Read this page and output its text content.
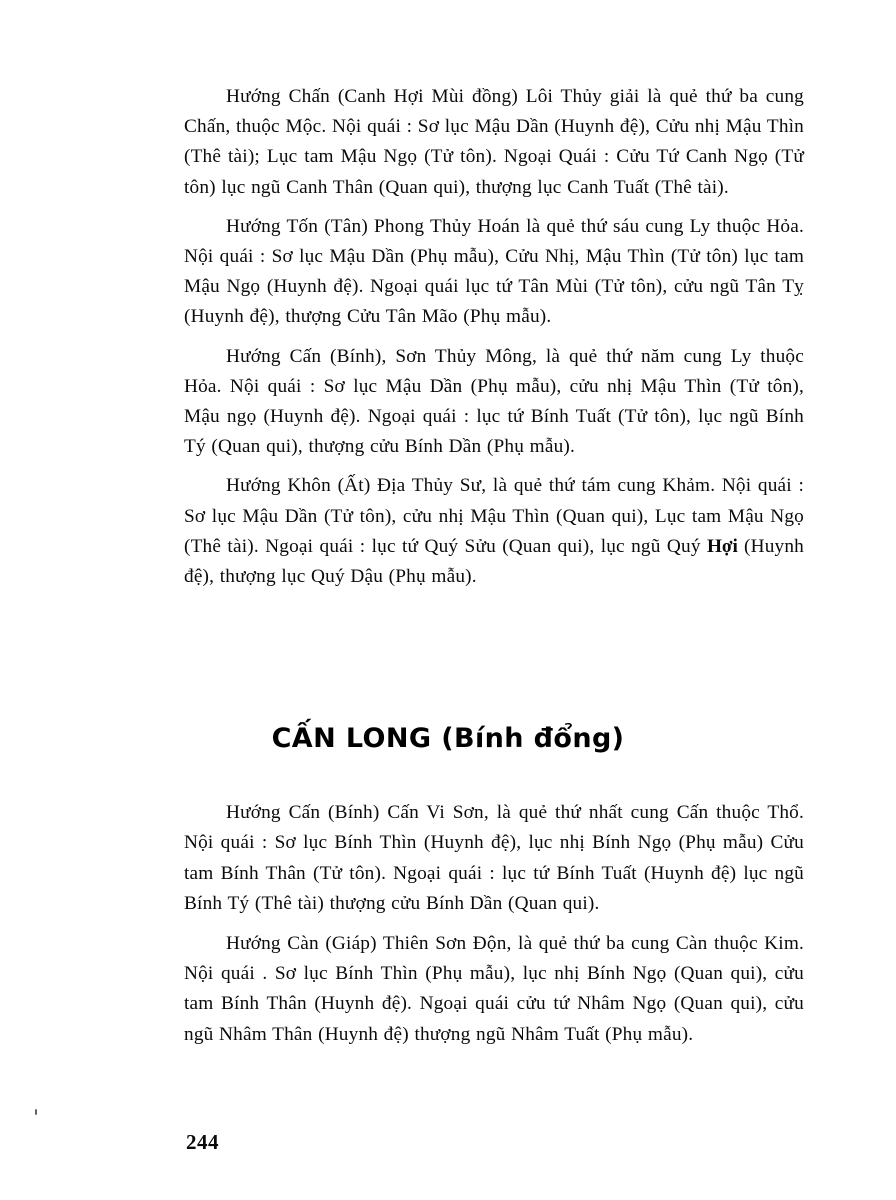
Hướng Chấn (Canh Hợi Mùi đồng) Lôi Thủy giải là quẻ thứ ba cung Chấn, thuộc Mộc. Nội quái : Sơ lục Mậu Dần (Huynh đệ), Cửu nhị Mậu Thìn (Thê tài); Lục tam Mậu Ngọ (Tử tôn). Ngoại Quái : Cửu Tứ Canh Ngọ (Tử tôn) lục ngũ Canh Thân (Quan qui), thượng lục Canh Tuất (Thê tài).

Hướng Tốn (Tân) Phong Thủy Hoán là quẻ thứ sáu cung Ly thuộc Hỏa. Nội quái : Sơ lục Mậu Dần (Phụ mẫu), Cửu Nhị, Mậu Thìn (Tử tôn) lục tam Mậu Ngọ (Huynh đệ). Ngoại quái lục tứ Tân Mùi (Tử tôn), cửu ngũ Tân Tỵ (Huynh đệ), thượng Cửu Tân Mão (Phụ mẫu).

Hướng Cấn (Bính), Sơn Thủy Mông, là quẻ thứ năm cung Ly thuộc Hỏa. Nội quái : Sơ lục Mậu Dần (Phụ mẫu), cửu nhị Mậu Thìn (Tử tôn), Mậu ngọ (Huynh đệ). Ngoại quái : lục tứ Bính Tuất (Tử tôn), lục ngũ Bính Tý (Quan qui), thượng cửu Bính Dần (Phụ mẫu).

Hướng Khôn (Ất) Địa Thủy Sư, là quẻ thứ tám cung Khảm. Nội quái : Sơ lục Mậu Dần (Tử tôn), cửu nhị Mậu Thìn (Quan qui), Lục tam Mậu Ngọ (Thê tài). Ngoại quái : lục tứ Quý Sửu (Quan qui), lục ngũ Quý Hợi (Huynh đệ), thượng lục Quý Dậu (Phụ mẫu).

CẤN LONG (Bính đổng)

Hướng Cấn (Bính) Cấn Vi Sơn, là quẻ thứ nhất cung Cấn thuộc Thổ. Nội quái : Sơ lục Bính Thìn (Huynh đệ), lục nhị Bính Ngọ (Phụ mẫu) Cửu tam Bính Thân (Tử tôn). Ngoại quái : lục tứ Bính Tuất (Huynh đệ) lục ngũ Bính Tý (Thê tài) thượng cửu Bính Dần (Quan qui).

Hướng Càn (Giáp) Thiên Sơn Độn, là quẻ thứ ba cung Càn thuộc Kim. Nội quái . Sơ lục Bính Thìn (Phụ mẫu), lục nhị Bính Ngọ (Quan qui), cửu tam Bính Thân (Huynh đệ). Ngoại quái cửu tứ Nhâm Ngọ (Quan qui), cửu ngũ Nhâm Thân (Huynh đệ) thượng ngũ Nhâm Tuất (Phụ mẫu).

244
